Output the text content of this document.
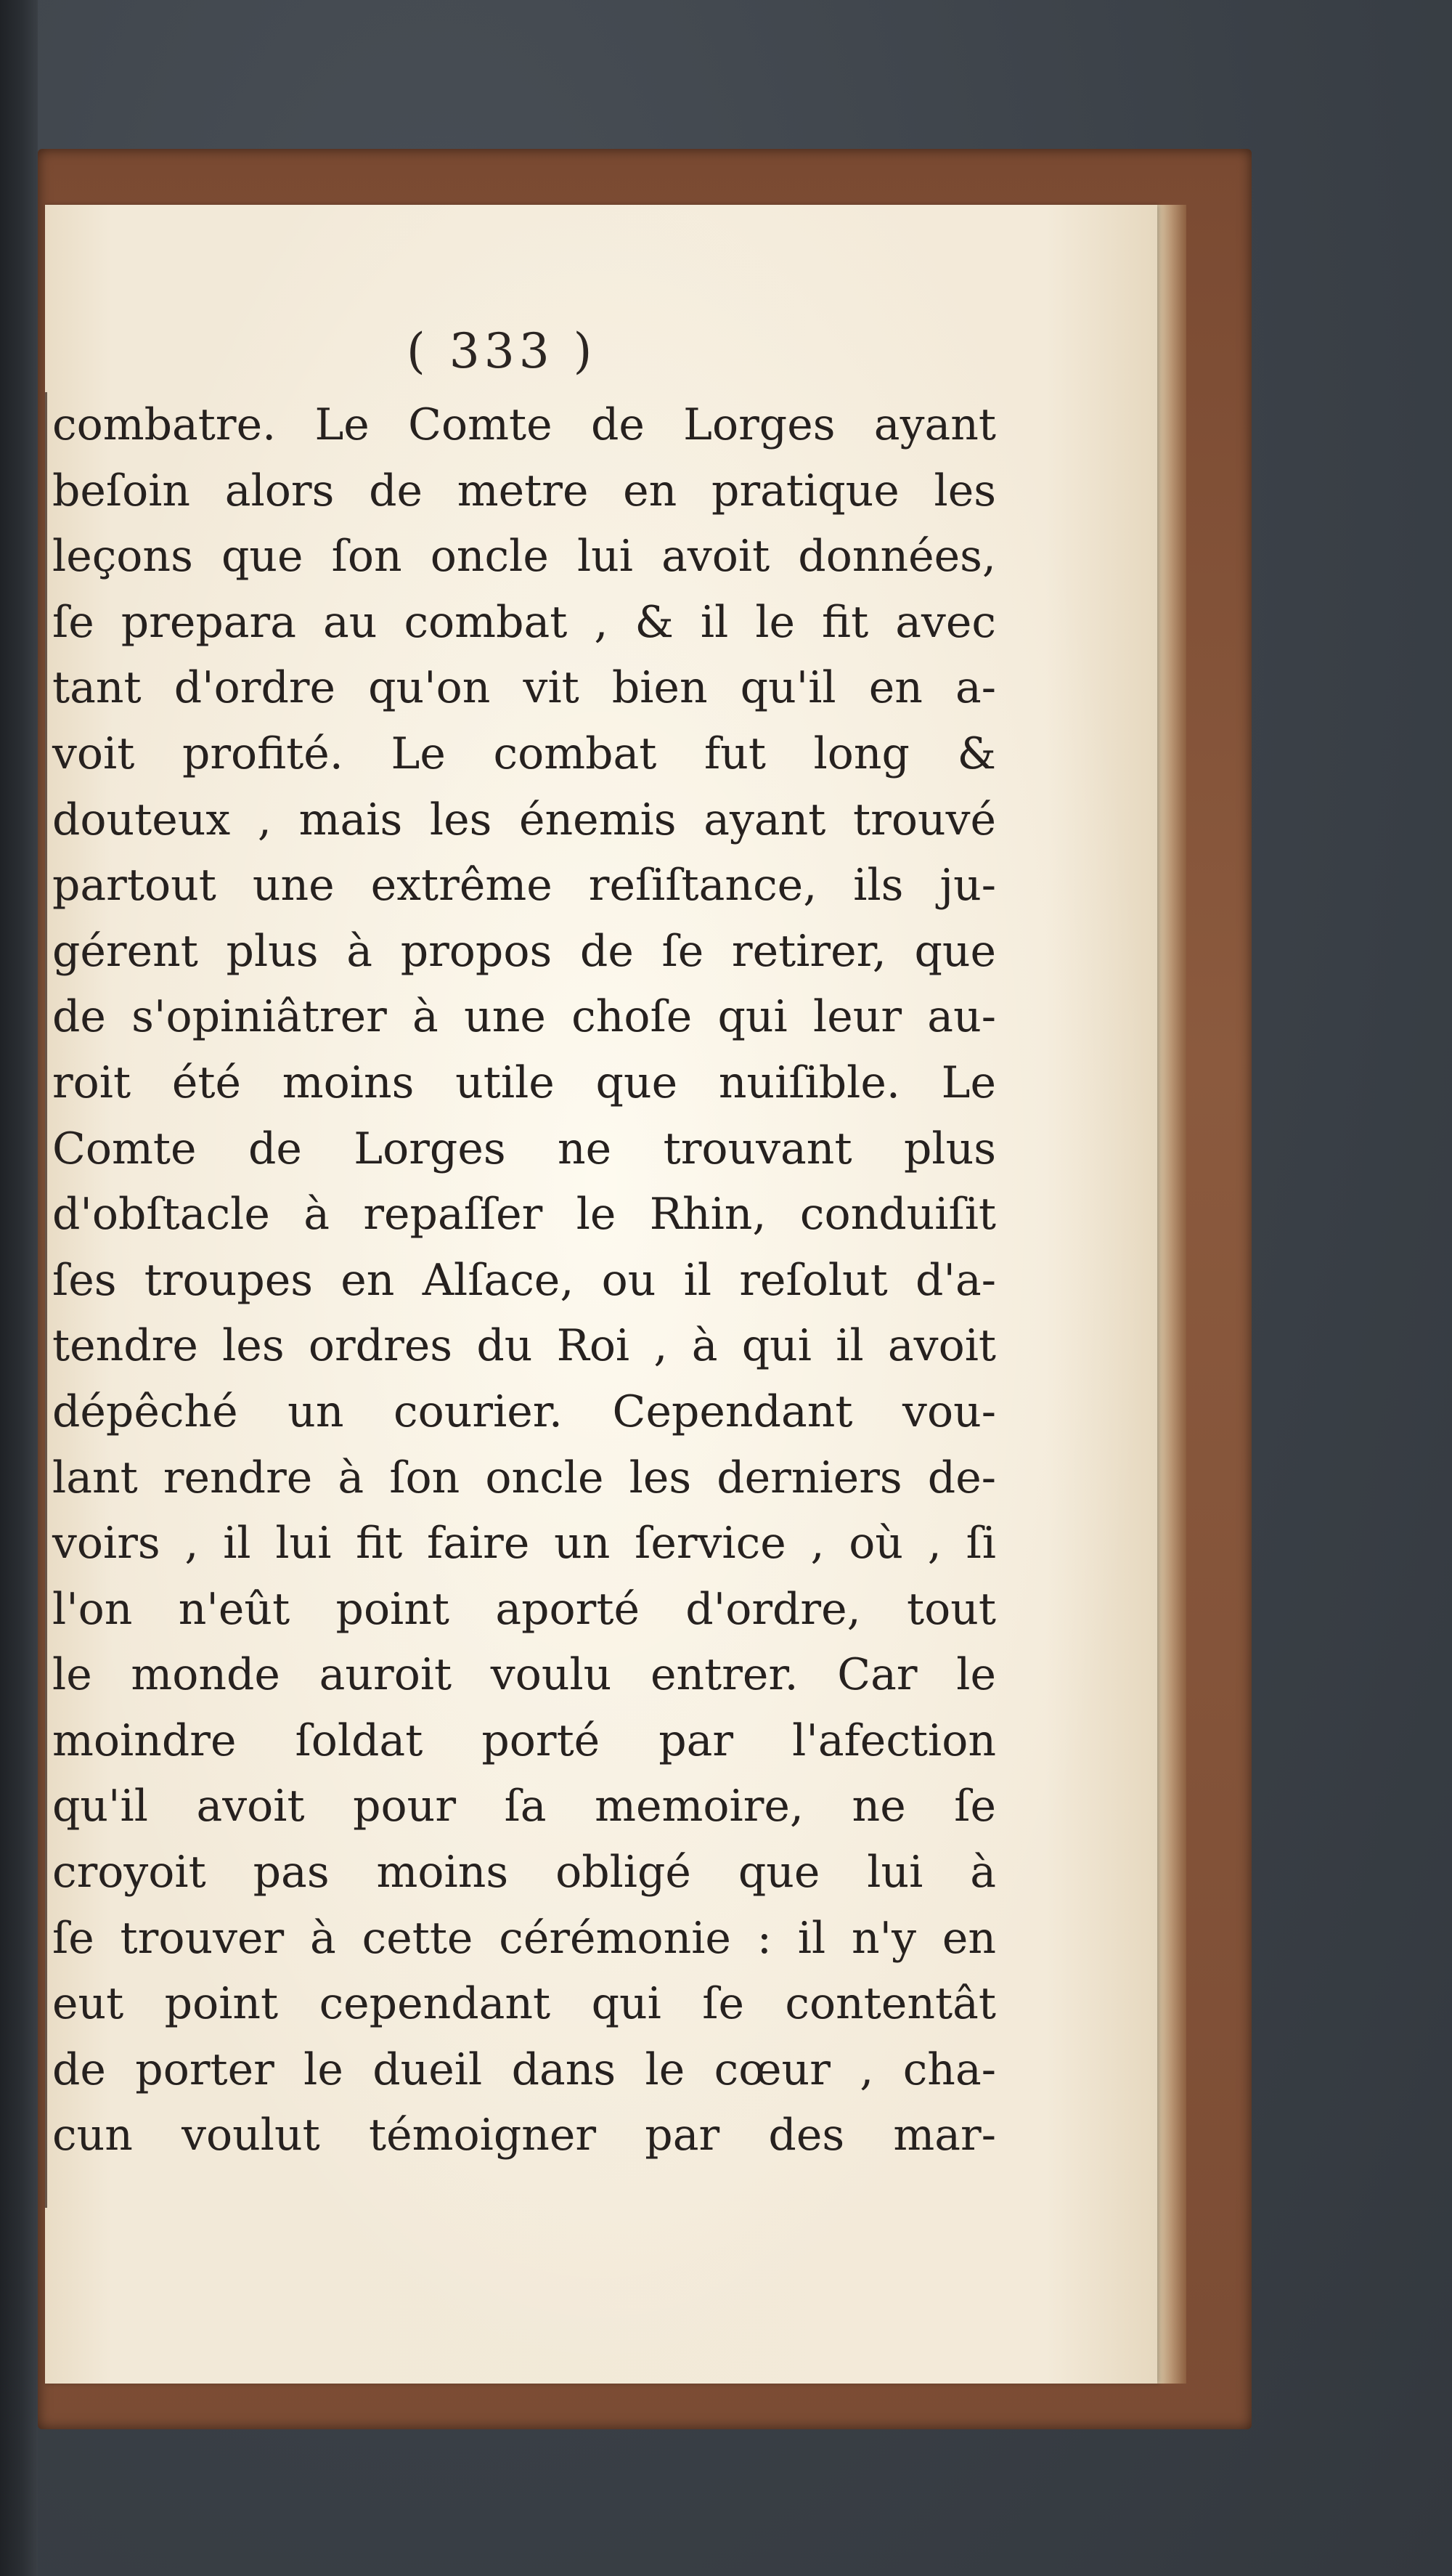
( 333 )
combatre. Le Comte de Lorges ayant
beſoin alors de metre en pratique les
leçons que ſon oncle lui avoit données,
ſe prepara au combat , & il le fit avec
tant d'ordre qu'on vit bien qu'il en a-
voit profité. Le combat fut long &
douteux , mais les énemis ayant trouvé
partout une extrême reſiſtance, ils ju-
gérent plus à propos de ſe retirer, que
de s'opiniâtrer à une choſe qui leur au-
roit été moins utile que nuiſible. Le
Comte de Lorges ne trouvant plus
d'obſtacle à repaſſer le Rhin, conduiſit
ſes troupes en Alſace, ou il reſolut d'a-
tendre les ordres du Roi , à qui il avoit
dépêché un courier. Cependant vou-
lant rendre à ſon oncle les derniers de-
voirs , il lui fit faire un ſervice , où , ſi
l'on n'eût point aporté d'ordre, tout
le monde auroit voulu entrer. Car le
moindre ſoldat porté par l'afection
qu'il avoit pour ſa memoire, ne ſe
croyoit pas moins obligé que lui à
ſe trouver à cette cérémonie : il n'y en
eut point cependant qui ſe contentât
de porter le dueil dans le cœur , cha-
cun voulut témoigner par des mar-
